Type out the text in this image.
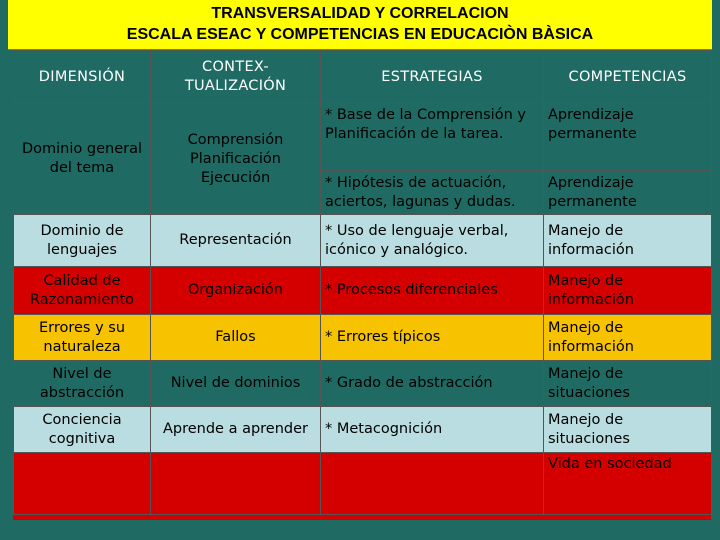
TRANSVERSALIDAD Y CORRELACION
ESCALA ESEAC Y COMPETENCIAS EN EDUCACIÒN BÀSICA
DIMENSIÓN	CONTEX-TUALIZACIÓN	ESTRATEGIAS	COMPETENCIAS
Dominio general del tema	Comprensión Planificación Ejecución	* Base de la Comprensión y Planificación de la tarea.	Aprendizaje permanente
		* Hipótesis de actuación, aciertos, lagunas y dudas.	Aprendizaje permanente
Dominio de lenguajes	Representación	* Uso de lenguaje verbal, icónico y analógico.	Manejo de información
Calidad de Razonamiento	Organización	* Procesos diferenciales	Manejo de información
Errores y su naturaleza	Fallos	* Errores típicos	Manejo de información
Nivel de abstracción	Nivel de dominios	* Grado de abstracción	Manejo de situaciones
Conciencia cognitiva	Aprende a aprender	* Metacognición	Manejo de situaciones
			Vida en sociedad
